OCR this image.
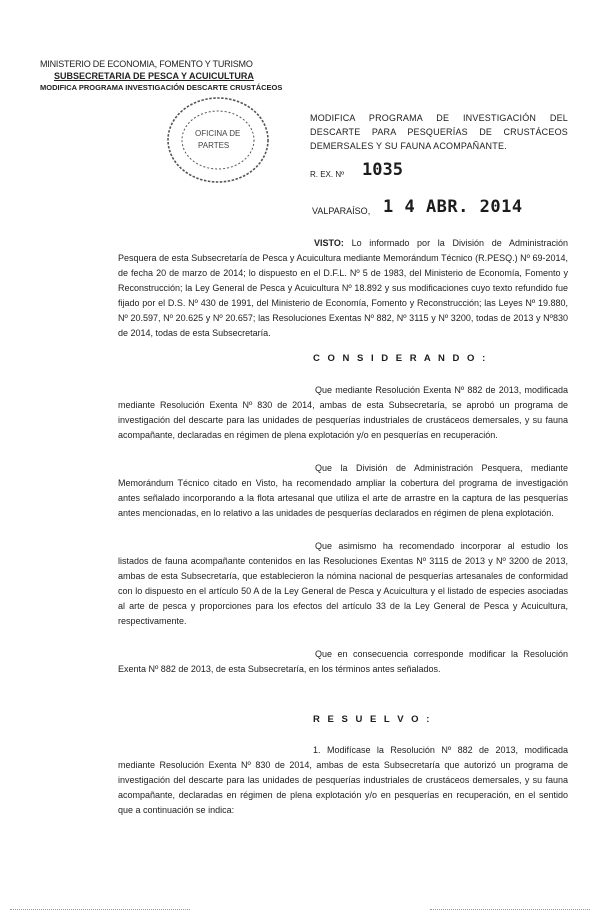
MINISTERIO DE ECONOMIA, FOMENTO Y TURISMO
SUBSECRETARIA DE PESCA Y ACUICULTURA
MODIFICA PROGRAMA INVESTIGACIÓN DESCARTE CRUSTÁCEOS
OFICINA DE
PARTES
MODIFICA PROGRAMA DE INVESTIGACIÓN DEL DESCARTE PARA PESQUERÍAS DE CRUSTÁCEOS DEMERSALES Y SU FAUNA ACOMPAÑANTE.
R. EX. Nº 1035
VALPARAÍSO, 1 4 ABR. 2014

VISTO: Lo informado por la División de Administración Pesquera de esta Subsecretaría de Pesca y Acuicultura mediante Memorándum Técnico (R.PESQ.) Nº 69-2014, de fecha 20 de marzo de 2014; lo dispuesto en el D.F.L. Nº 5 de 1983, del Ministerio de Economía, Fomento y Reconstrucción; la Ley General de Pesca y Acuicultura Nº 18.892 y sus modificaciones cuyo texto refundido fue fijado por el D.S. Nº 430 de 1991, del Ministerio de Economía, Fomento y Reconstrucción; las Leyes Nº 19.880, Nº 20.597, Nº 20.625 y Nº 20.657; las Resoluciones Exentas Nº 882, Nº 3115 y Nº 3200, todas de 2013 y Nº830 de 2014, todas de esta Subsecretaría.

C O N S I D E R A N D O :

Que mediante Resolución Exenta Nº 882 de 2013, modificada mediante Resolución Exenta Nº 830 de 2014, ambas de esta Subsecretaría, se aprobó un programa de investigación del descarte para las unidades de pesquerías industriales de crustáceos demersales, y su fauna acompañante, declaradas en régimen de plena explotación y/o en pesquerías en recuperación.

Que la División de Administración Pesquera, mediante Memorándum Técnico citado en Visto, ha recomendado ampliar la cobertura del programa de investigación antes señalado incorporando a la flota artesanal que utiliza el arte de arrastre en la captura de las pesquerías antes mencionadas, en lo relativo a las unidades de pesquerías declarados en régimen de plena explotación.

Que asimismo ha recomendado incorporar al estudio los listados de fauna acompañante contenidos en las Resoluciones Exentas Nº 3115 de 2013 y Nº 3200 de 2013, ambas de esta Subsecretaría, que establecieron la nómina nacional de pesquerías artesanales de conformidad con lo dispuesto en el artículo 50 A de la Ley General de Pesca y Acuicultura y el listado de especies asociadas al arte de pesca y proporciones para los efectos del artículo 33 de la Ley General de Pesca y Acuicultura, respectivamente.

Que en consecuencia corresponde modificar la Resolución Exenta Nº 882 de 2013, de esta Subsecretaría, en los términos antes señalados.

R E S U E L V O :

1. Modifícase la Resolución Nº 882 de 2013, modificada mediante Resolución Exenta Nº 830 de 2014, ambas de esta Subsecretaría que autorizó un programa de investigación del descarte para las unidades de pesquerías industriales de crustáceos demersales, y su fauna acompañante, declaradas en régimen de plena explotación y/o en pesquerías en recuperación, en el sentido que a continuación se indica:
